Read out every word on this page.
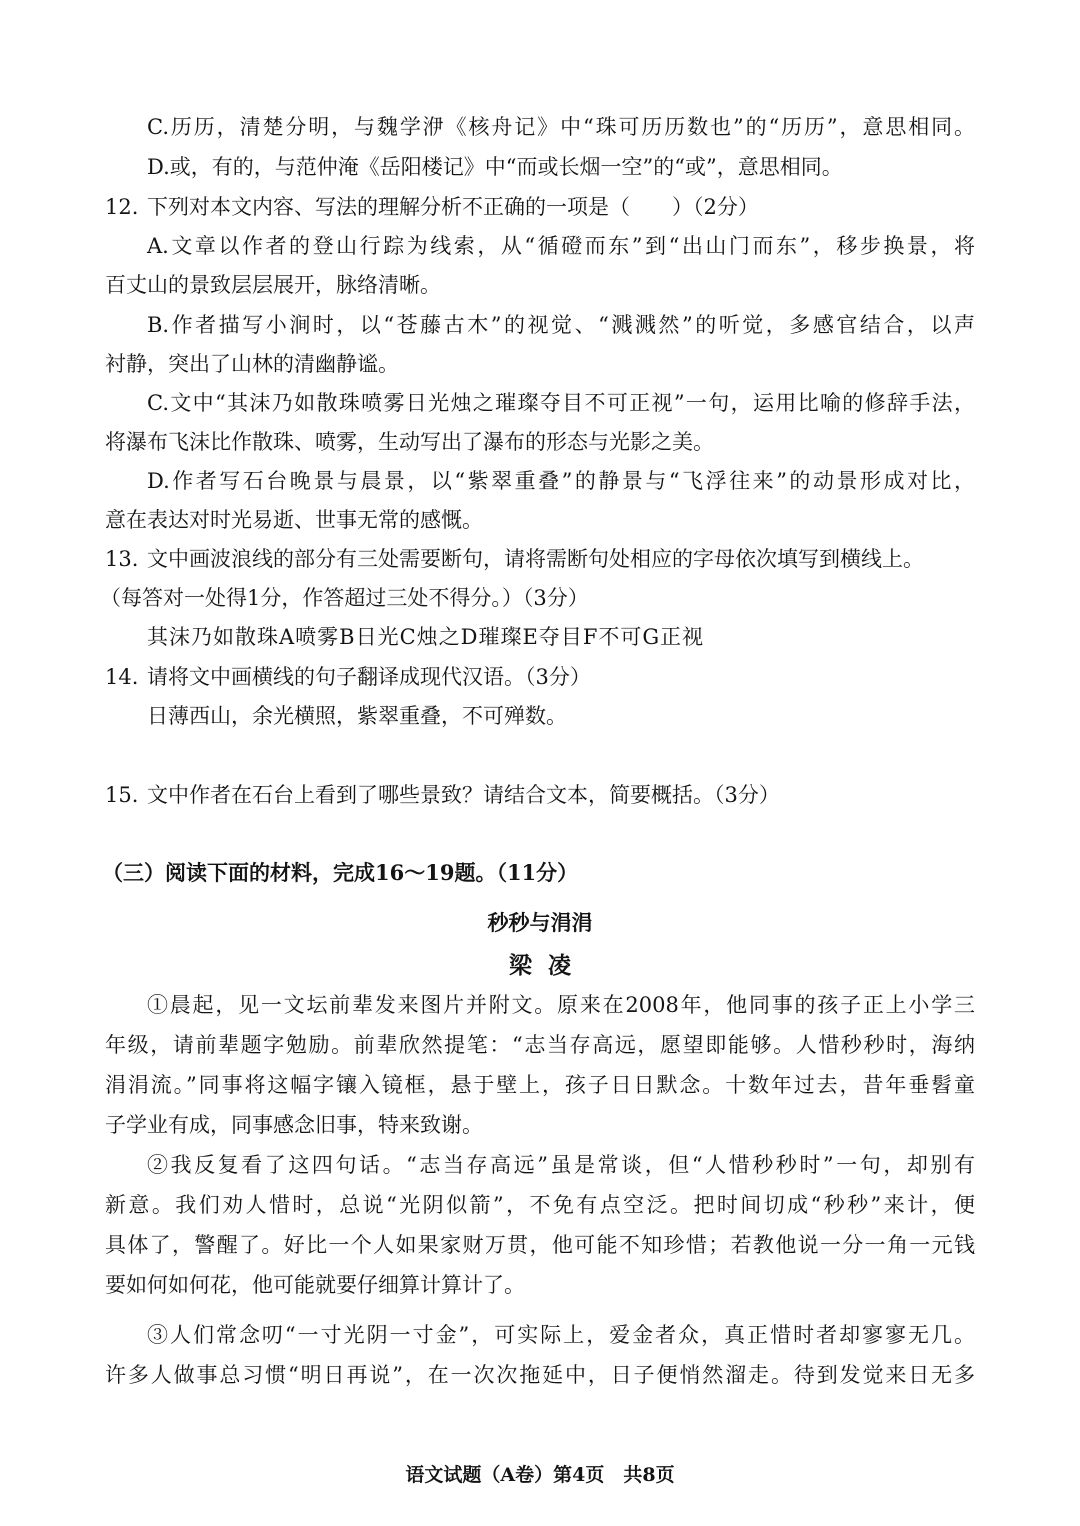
C.历历，清楚分明，与魏学洢《核舟记》中“珠可历历数也”的“历历”，意思相同。
D.或，有的，与范仲淹《岳阳楼记》中“而或长烟一空”的“或”，意思相同。
12. 下列对本文内容、写法的理解分析不正确的一项是（　　）（2分）
A.文章以作者的登山行踪为线索，从“循磴而东”到“出山门而东”，移步换景，将
百丈山的景致层层展开，脉络清晰。
B.作者描写小涧时，以“苍藤古木”的视觉、“溅溅然”的听觉，多感官结合，以声
衬静，突出了山林的清幽静谧。
C.文中“其沫乃如散珠喷雾日光烛之璀璨夺目不可正视”一句，运用比喻的修辞手法，
将瀑布飞沫比作散珠、喷雾，生动写出了瀑布的形态与光影之美。
D.作者写石台晚景与晨景，以“紫翠重叠”的静景与“飞浮往来”的动景形成对比，
意在表达对时光易逝、世事无常的感慨。
13. 文中画波浪线的部分有三处需要断句，请将需断句处相应的字母依次填写到横线上。
（每答对一处得1分，作答超过三处不得分。）（3分）
其沫乃如散珠A喷雾B日光C烛之D璀璨E夺目F不可G正视
14. 请将文中画横线的句子翻译成现代汉语。（3分）
日薄西山，余光横照，紫翠重叠，不可殚数。
15. 文中作者在石台上看到了哪些景致？请结合文本，简要概括。（3分）
（三）阅读下面的材料，完成16～19题。（11分）
秒秒与涓涓
梁凌
①晨起，见一文坛前辈发来图片并附文。原来在2008年，他同事的孩子正上小学三
年级，请前辈题字勉励。前辈欣然提笔：“志当存高远，愿望即能够。人惜秒秒时，海纳
涓涓流。”同事将这幅字镶入镜框，悬于壁上，孩子日日默念。十数年过去，昔年垂髫童
子学业有成，同事感念旧事，特来致谢。
②我反复看了这四句话。“志当存高远”虽是常谈，但“人惜秒秒时”一句，却别有
新意。我们劝人惜时，总说“光阴似箭”，不免有点空泛。把时间切成“秒秒”来计，便
具体了，警醒了。好比一个人如果家财万贯，他可能不知珍惜；若教他说一分一角一元钱
要如何如何花，他可能就要仔细算计算计了。
③人们常念叨“一寸光阴一寸金”，可实际上，爱金者众，真正惜时者却寥寥无几。
许多人做事总习惯“明日再说”，在一次次拖延中，日子便悄然溜走。待到发觉来日无多
语文试题（A卷）第4页　共8页
